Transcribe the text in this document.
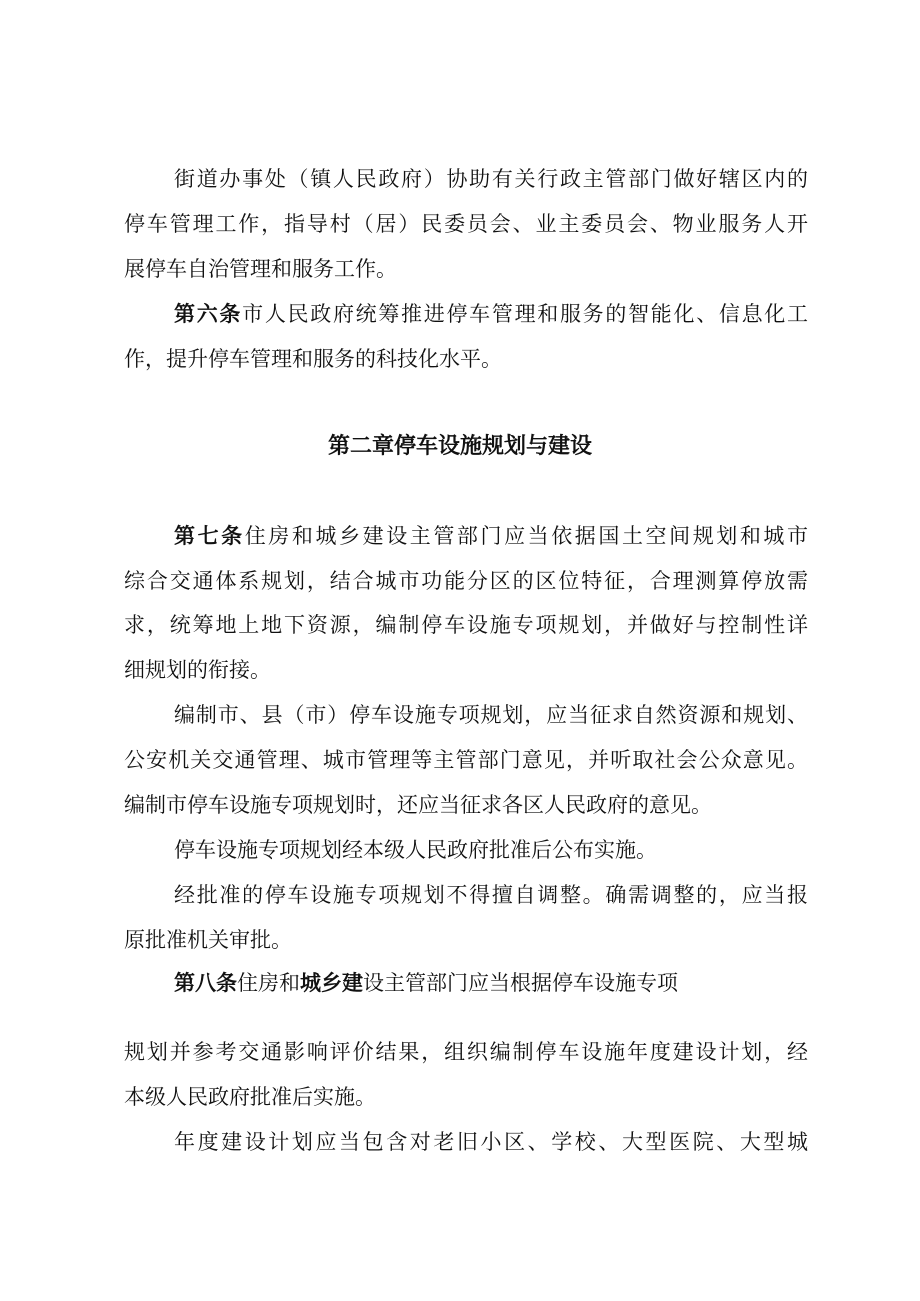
街道办事处（镇人民政府）协助有关行政主管部门做好辖区内的
停车管理工作，指导村（居）民委员会、业主委员会、物业服务人开
展停车自治管理和服务工作。
第六条市人民政府统筹推进停车管理和服务的智能化、信息化工
作，提升停车管理和服务的科技化水平。
第二章停车设施规划与建设
第七条住房和城乡建设主管部门应当依据国土空间规划和城市
综合交通体系规划，结合城市功能分区的区位特征，合理测算停放需
求，统筹地上地下资源，编制停车设施专项规划，并做好与控制性详
细规划的衔接。
编制市、县（市）停车设施专项规划，应当征求自然资源和规划、
公安机关交通管理、城市管理等主管部门意见，并听取社会公众意见。
编制市停车设施专项规划时，还应当征求各区人民政府的意见。
停车设施专项规划经本级人民政府批准后公布实施。
经批准的停车设施专项规划不得擅自调整。确需调整的，应当报
原批准机关审批。
第八条住房和城乡建设主管部门应当根据停车设施专项
规划并参考交通影响评价结果，组织编制停车设施年度建设计划，经
本级人民政府批准后实施。
年度建设计划应当包含对老旧小区、学校、大型医院、大型城
